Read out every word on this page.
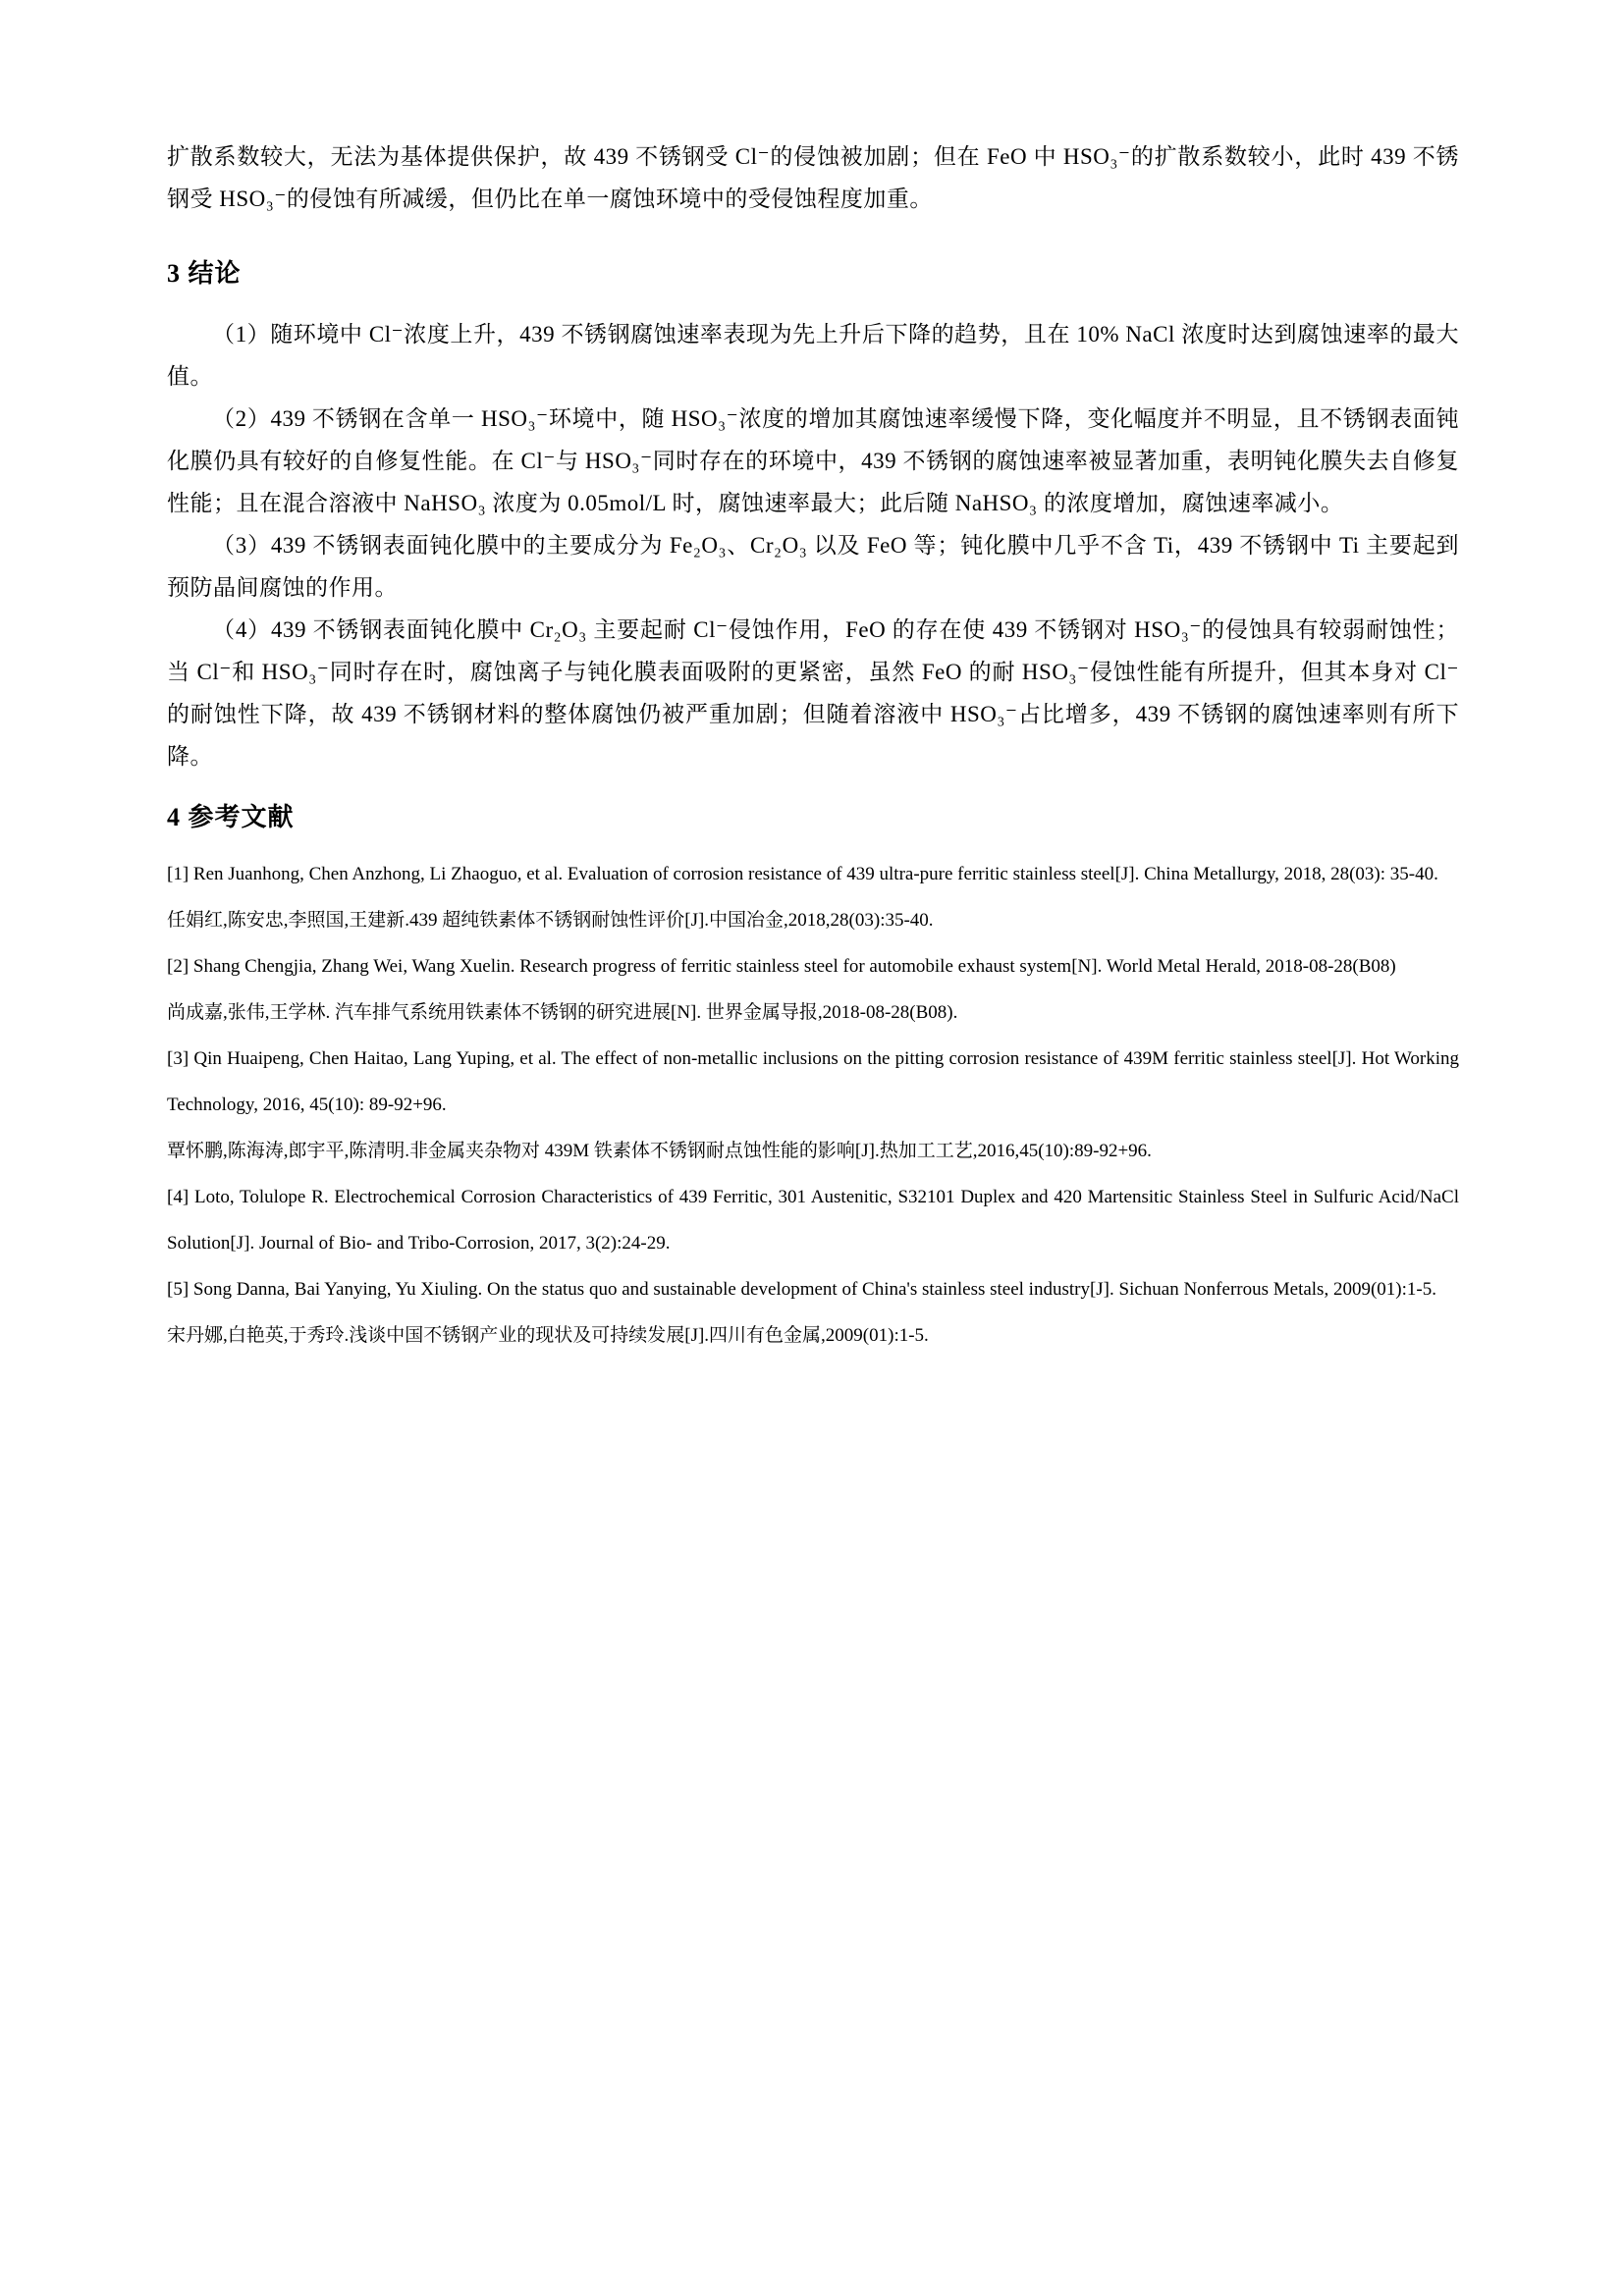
扩散系数较大，无法为基体提供保护，故 439 不锈钢受 Cl⁻的侵蚀被加剧；但在 FeO 中 HSO₃⁻的扩散系数较小，此时 439 不锈钢受 HSO₃⁻的侵蚀有所减缓，但仍比在单一腐蚀环境中的受侵蚀程度加重。

3 结论

（1）随环境中 Cl⁻浓度上升，439 不锈钢腐蚀速率表现为先上升后下降的趋势，且在 10% NaCl 浓度时达到腐蚀速率的最大值。

（2）439 不锈钢在含单一 HSO₃⁻环境中，随 HSO₃⁻浓度的增加其腐蚀速率缓慢下降，变化幅度并不明显，且不锈钢表面钝化膜仍具有较好的自修复性能。在 Cl⁻与 HSO₃⁻同时存在的环境中，439 不锈钢的腐蚀速率被显著加重，表明钝化膜失去自修复性能；且在混合溶液中 NaHSO₃ 浓度为 0.05mol/L 时，腐蚀速率最大；此后随 NaHSO₃ 的浓度增加，腐蚀速率减小。

（3）439 不锈钢表面钝化膜中的主要成分为 Fe₂O₃、Cr₂O₃ 以及 FeO 等；钝化膜中几乎不含 Ti，439 不锈钢中 Ti 主要起到预防晶间腐蚀的作用。

（4）439 不锈钢表面钝化膜中 Cr₂O₃ 主要起耐 Cl⁻侵蚀作用，FeO 的存在使 439 不锈钢对 HSO₃⁻的侵蚀具有较弱耐蚀性；当 Cl⁻和 HSO₃⁻同时存在时，腐蚀离子与钝化膜表面吸附的更紧密，虽然 FeO 的耐 HSO₃⁻侵蚀性能有所提升，但其本身对 Cl⁻的耐蚀性下降，故 439 不锈钢材料的整体腐蚀仍被严重加剧；但随着溶液中 HSO₃⁻占比增多，439 不锈钢的腐蚀速率则有所下降。

4 参考文献

[1] Ren Juanhong, Chen Anzhong, Li Zhaoguo, et al. Evaluation of corrosion resistance of 439 ultra-pure ferritic stainless steel[J]. China Metallurgy, 2018, 28(03): 35-40.

任娟红,陈安忠,李照国,王建新.439 超纯铁素体不锈钢耐蚀性评价[J].中国冶金,2018,28(03):35-40.

[2] Shang Chengjia, Zhang Wei, Wang Xuelin. Research progress of ferritic stainless steel for automobile exhaust system[N]. World Metal Herald, 2018-08-28(B08)

尚成嘉,张伟,王学林. 汽车排气系统用铁素体不锈钢的研究进展[N]. 世界金属导报,2018-08-28(B08).

[3] Qin Huaipeng, Chen Haitao, Lang Yuping, et al. The effect of non-metallic inclusions on the pitting corrosion resistance of 439M ferritic stainless steel[J]. Hot Working Technology, 2016, 45(10): 89-92+96.

覃怀鹏,陈海涛,郎宇平,陈清明.非金属夹杂物对 439M 铁素体不锈钢耐点蚀性能的影响[J].热加工工艺,2016,45(10):89-92+96.

[4] Loto, Tolulope R. Electrochemical Corrosion Characteristics of 439 Ferritic, 301 Austenitic, S32101 Duplex and 420 Martensitic Stainless Steel in Sulfuric Acid/NaCl Solution[J]. Journal of Bio- and Tribo-Corrosion, 2017, 3(2):24-29.

[5] Song Danna, Bai Yanying, Yu Xiuling. On the status quo and sustainable development of China's stainless steel industry[J]. Sichuan Nonferrous Metals, 2009(01):1-5.

宋丹娜,白艳英,于秀玲.浅谈中国不锈钢产业的现状及可持续发展[J].四川有色金属,2009(01):1-5.
